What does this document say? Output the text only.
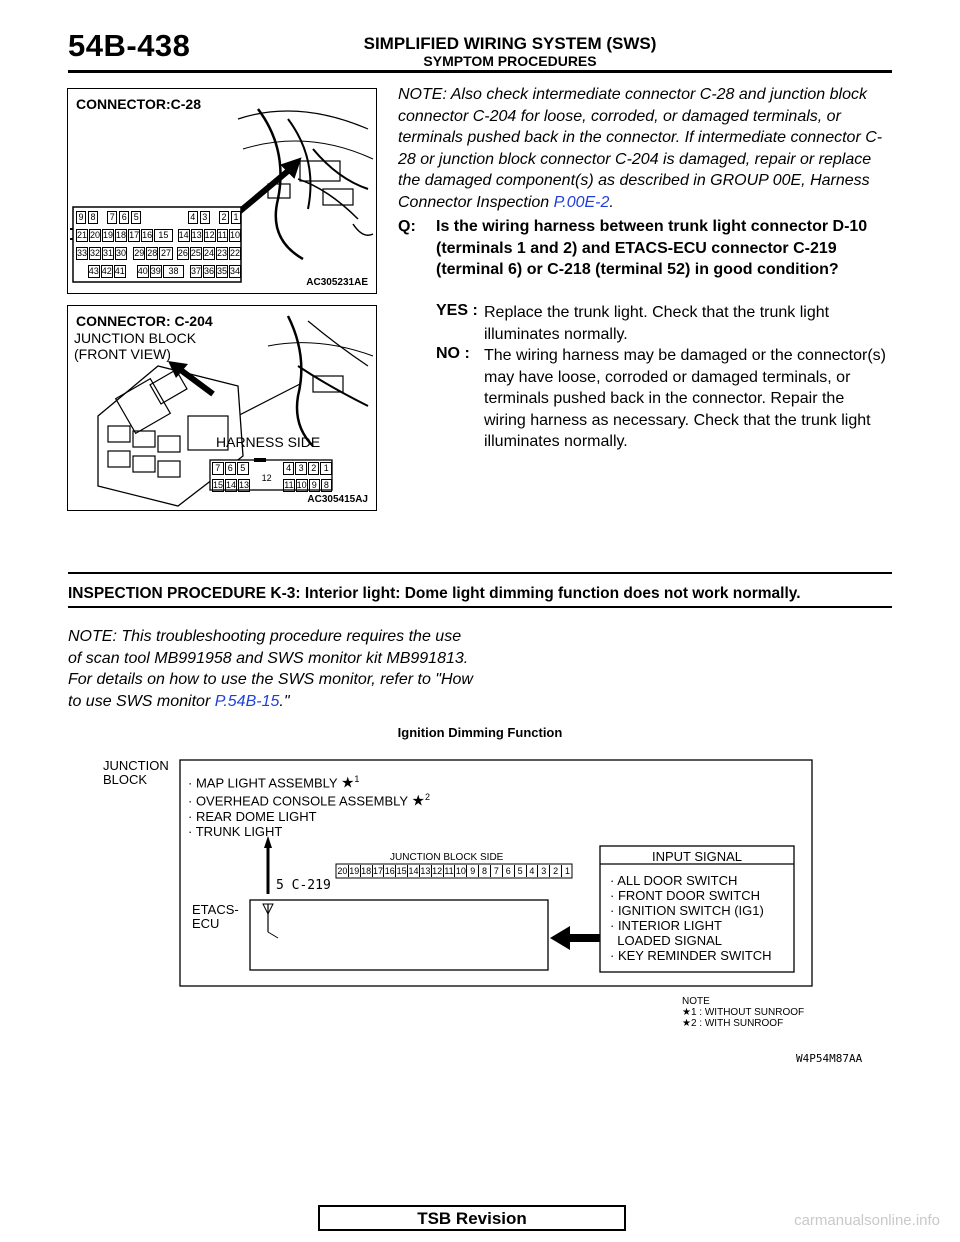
54B-438	SIMPLIFIED WIRING SYSTEM (SWS)
SYMPTOM PROCEDURES
CONNECTOR:C-28
9 8 7 6 5	4 3 2 1
21 20 19 18 17 16 15	14 13 12 11 10
33 32 31 30 29 28 27 26 25 24 23 22
43 42 41 40 39 38	37 36 35 34
AC305231AE
CONNECTOR: C-204
JUNCTION BLOCK
(FRONT VIEW)
HARNESS SIDE
7 6 5	4 3 2 1
15 14 13
12
11 10 9 8
AC305415AJ
NOTE: Also check intermediate connector C-28 and junction block connector C-204 for loose, corroded, or damaged terminals, or terminals pushed back in the connector. If intermediate connector C-28 or junction block connector C-204 is damaged, repair or replace the damaged component(s) as described in GROUP 00E, Harness Connector Inspection P.00E-2.
Q: Is the wiring harness between trunk light connector D-10 (terminals 1 and 2) and ETACS-ECU connector C-219 (terminal 6) or C-218 (terminal 52) in good condition?
YES : Replace the trunk light. Check that the trunk light illuminates normally.
NO : The wiring harness may be damaged or the connector(s) may have loose, corroded or damaged terminals, or terminals pushed back in the connector. Repair the wiring harness as necessary. Check that the trunk light illuminates normally.
INSPECTION PROCEDURE K-3: Interior light: Dome light dimming function does not work normally.
NOTE: This troubleshooting procedure requires the use of scan tool MB991958 and SWS monitor kit MB991813. For details on how to use the SWS monitor, refer to "How to use SWS monitor P.54B-15."
Ignition Dimming Function
JUNCTION
BLOCK	· MAP LIGHT ASSEMBLY ★$^1$
· OVERHEAD CONSOLE ASSEMBLY ★$^2$
· REAR DOME LIGHT
· TRUNK LIGHT
JUNCTION BLOCK SIDE
20 19 18 17 16 15 14 13 12 11 10 9 8 7 6 5 4 3 2 1
5 C-219
ETACS-
ECU
INPUT SIGNAL
· ALL DOOR SWITCH
· FRONT DOOR SWITCH
· IGNITION SWITCH (IG1)
· INTERIOR LIGHT
LOADED SIGNAL
· KEY REMINDER SWITCH
NOTE
★1 : WITHOUT SUNROOF
★2 : WITH SUNROOF
W4P54M87AA
TSB Revision	carmanualsonline.info
